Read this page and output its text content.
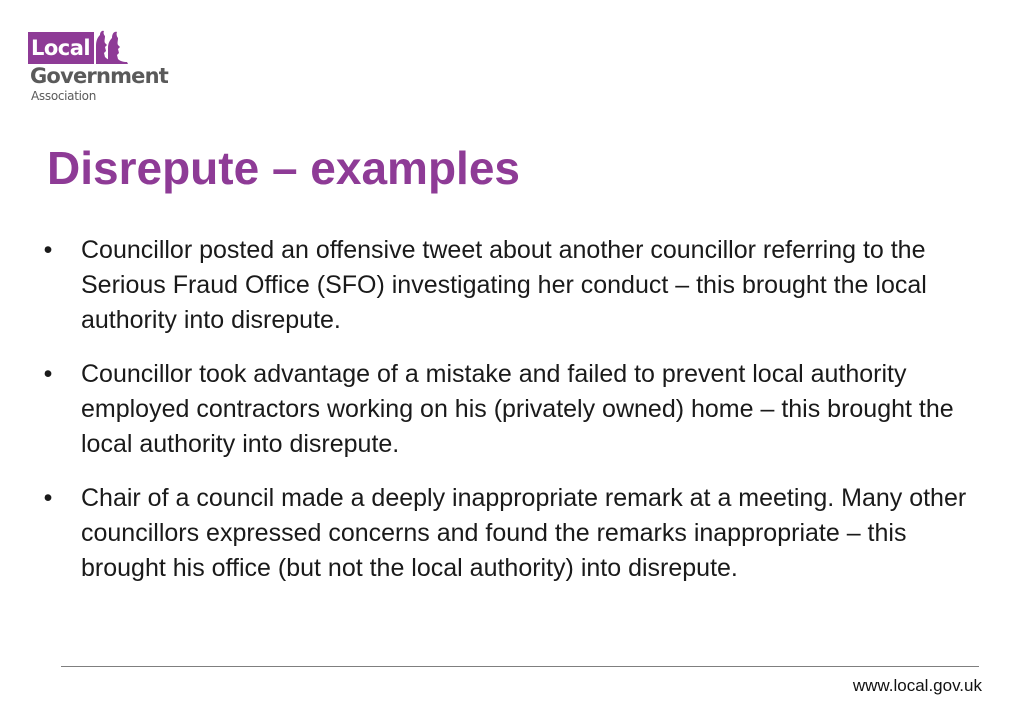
Local
Government
Association
Disrepute – examples
• Councillor posted an offensive tweet about another councillor referring to the Serious Fraud Office (SFO) investigating her conduct – this brought the local authority into disrepute.
• Councillor took advantage of a mistake and failed to prevent local authority employed contractors working on his (privately owned) home – this brought the local authority into disrepute.
• Chair of a council made a deeply inappropriate remark at a meeting. Many other councillors expressed concerns and found the remarks inappropriate – this brought his office (but not the local authority) into disrepute.
www.local.gov.uk
